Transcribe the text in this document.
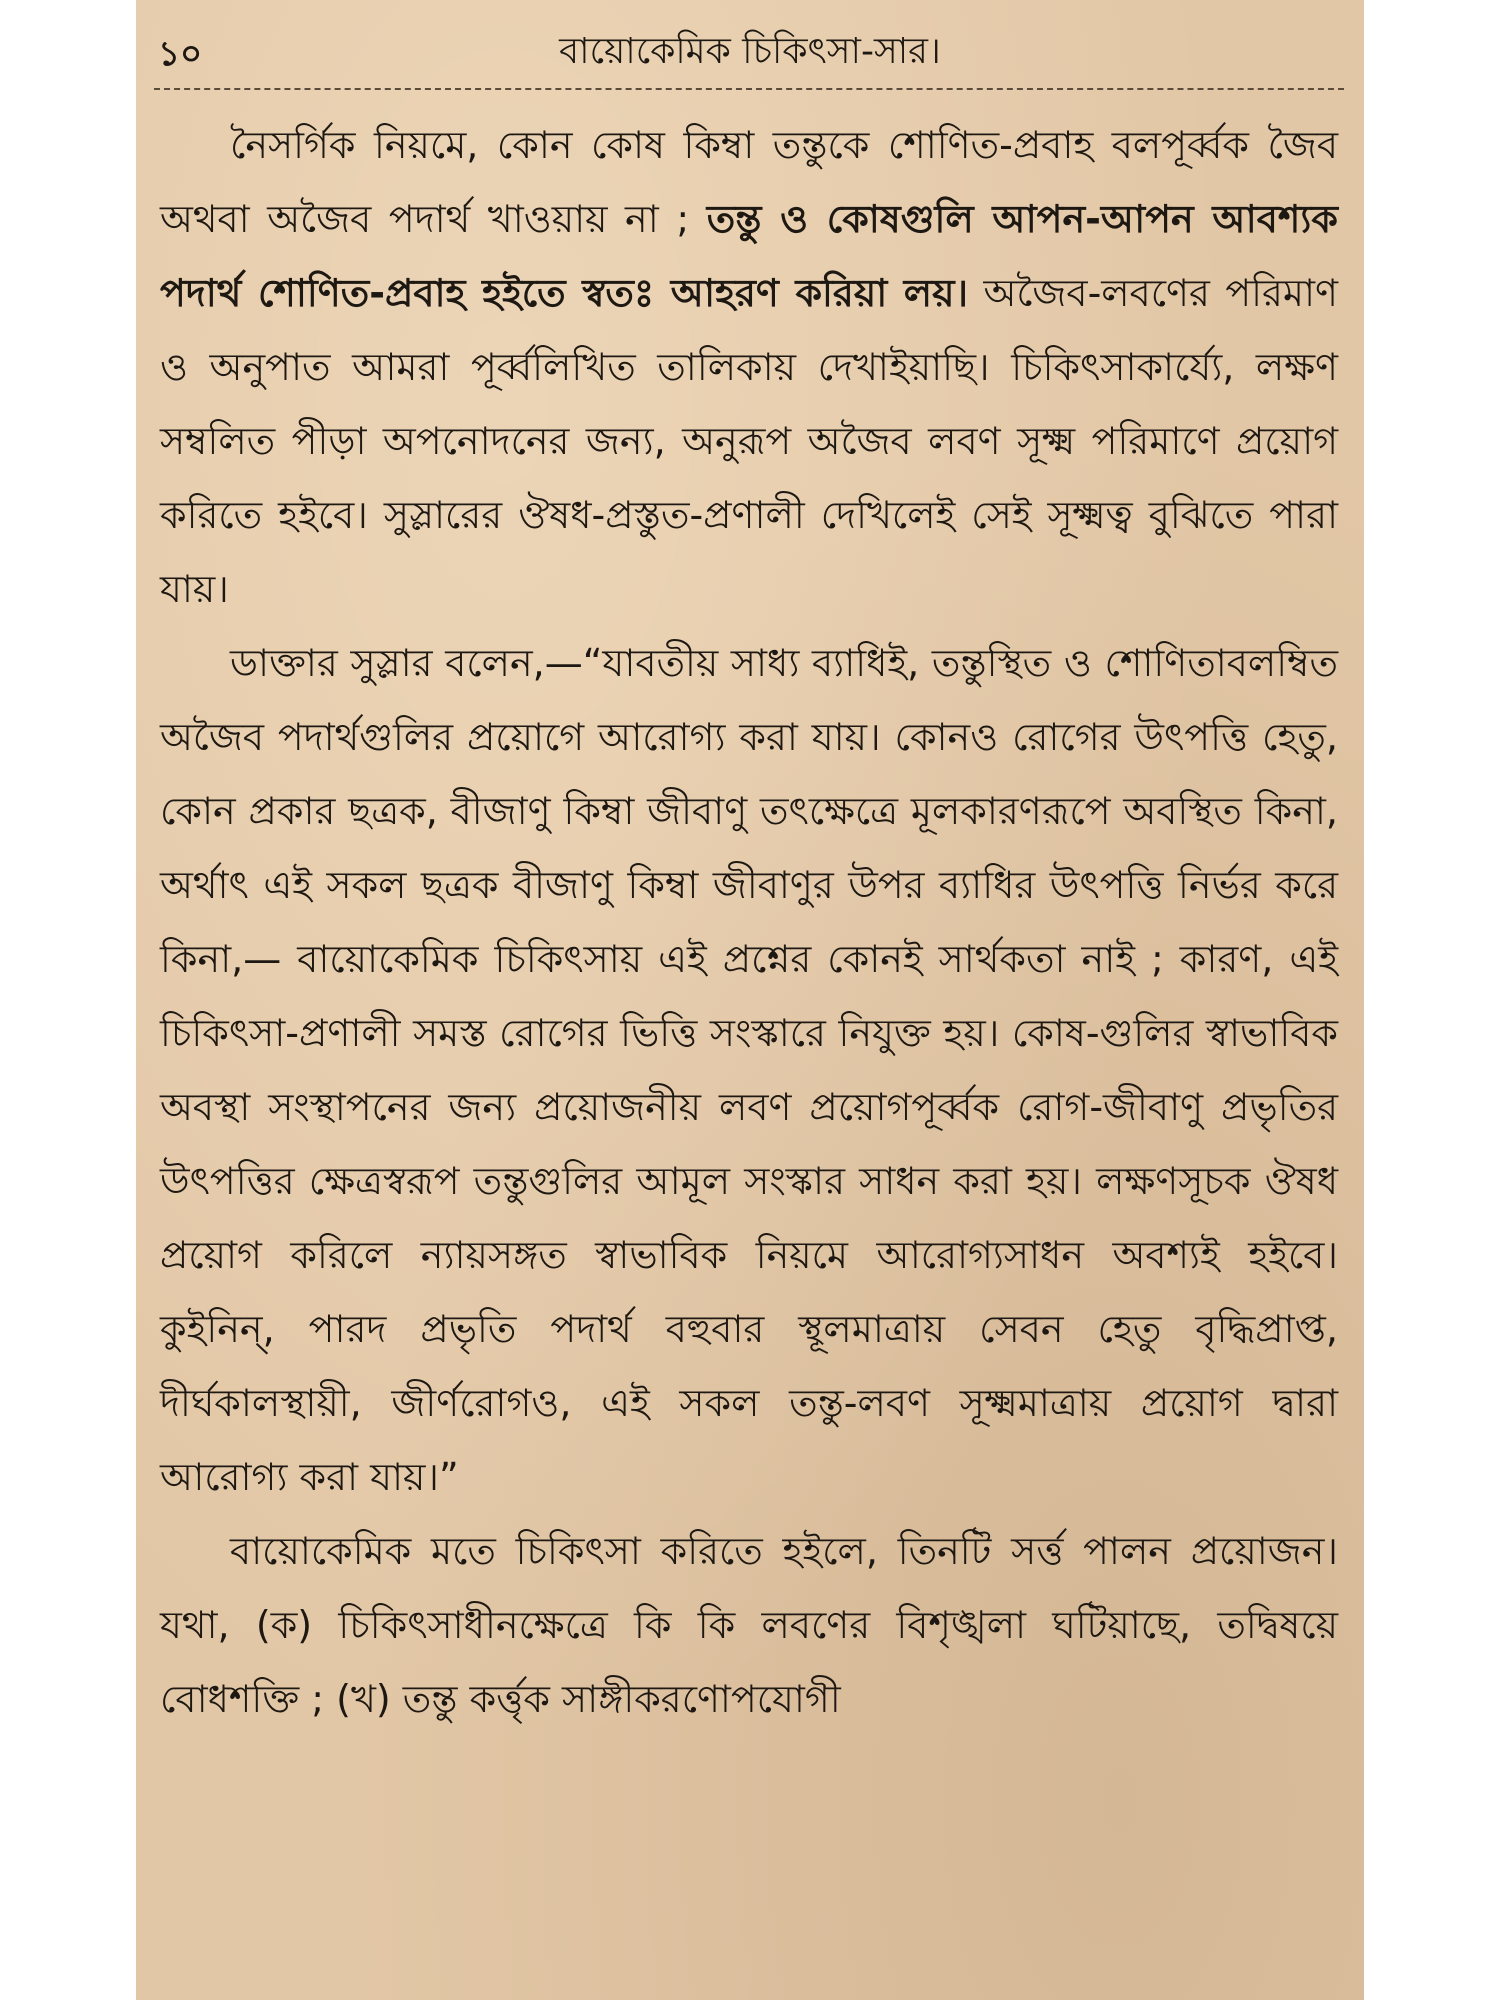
১০	বায়োকেমিক চিকিৎসা-সার।

নৈসর্গিক নিয়মে, কোন কোষ কিম্বা তন্তুকে শোণিত-প্রবাহ বলপূর্ব্বক জৈব অথবা অজৈব পদার্থ খাওয়ায় না ; তন্তু ও কোষগুলি আপন-আপন আবশ্যক পদার্থ শোণিত-প্রবাহ হইতে স্বতঃ আহরণ করিয়া লয়। অজৈব-লবণের পরিমাণ ও অনুপাত আমরা পূর্ব্বলিখিত তালিকায় দেখাইয়াছি। চিকিৎসাকার্য্যে, লক্ষণ সম্বলিত পীড়া অপনোদনের জন্য, অনুরূপ অজৈব লবণ সূক্ষ্ম পরিমাণে প্রয়োগ করিতে হইবে। সুস্লারের ঔষধ-প্রস্তুত-প্রণালী দেখিলেই সেই সূক্ষ্মত্ব বুঝিতে পারা যায়।

ডাক্তার সুস্লার বলেন,—“যাবতীয় সাধ্য ব্যাধিই, তন্তুস্থিত ও শোণিতাবলম্বিত অজৈব পদার্থগুলির প্রয়োগে আরোগ্য করা যায়। কোনও রোগের উৎপত্তি হেতু, কোন প্রকার ছত্রক, বীজাণু কিম্বা জীবাণু তৎক্ষেত্রে মূলকারণরূপে অবস্থিত কিনা, অর্থাৎ এই সকল ছত্রক বীজাণু কিম্বা জীবাণুর উপর ব্যাধির উৎপত্তি নির্ভর করে কিনা,— বায়োকেমিক চিকিৎসায় এই প্রশ্নের কোনই সার্থকতা নাই ; কারণ, এই চিকিৎসা-প্রণালী সমস্ত রোগের ভিত্তি সংস্কারে নিযুক্ত হয়। কোষ-গুলির স্বাভাবিক অবস্থা সংস্থাপনের জন্য প্রয়োজনীয় লবণ প্রয়োগপূর্ব্বক রোগ-জীবাণু প্রভৃতির উৎপত্তির ক্ষেত্রস্বরূপ তন্তুগুলির আমূল সংস্কার সাধন করা হয়। লক্ষণসূচক ঔষধ প্রয়োগ করিলে ন্যায়সঙ্গত স্বাভাবিক নিয়মে আরোগ্যসাধন অবশ্যই হইবে। কুইনিন্, পারদ প্রভৃতি পদার্থ বহুবার স্থূলমাত্রায় সেবন হেতু বৃদ্ধিপ্রাপ্ত, দীর্ঘকালস্থায়ী, জীর্ণরোগও, এই সকল তন্তু-লবণ সূক্ষ্মমাত্রায় প্রয়োগ দ্বারা আরোগ্য করা যায়।”

বায়োকেমিক মতে চিকিৎসা করিতে হইলে, তিনটি সর্ত্ত পালন প্রয়োজন। যথা, (ক) চিকিৎসাধীনক্ষেত্রে কি কি লবণের বিশৃঙ্খলা ঘটিয়াছে, তদ্বিষয়ে বোধশক্তি ; (খ) তন্তু কর্ত্তৃক সাঙ্গীকরণোপযোগী
